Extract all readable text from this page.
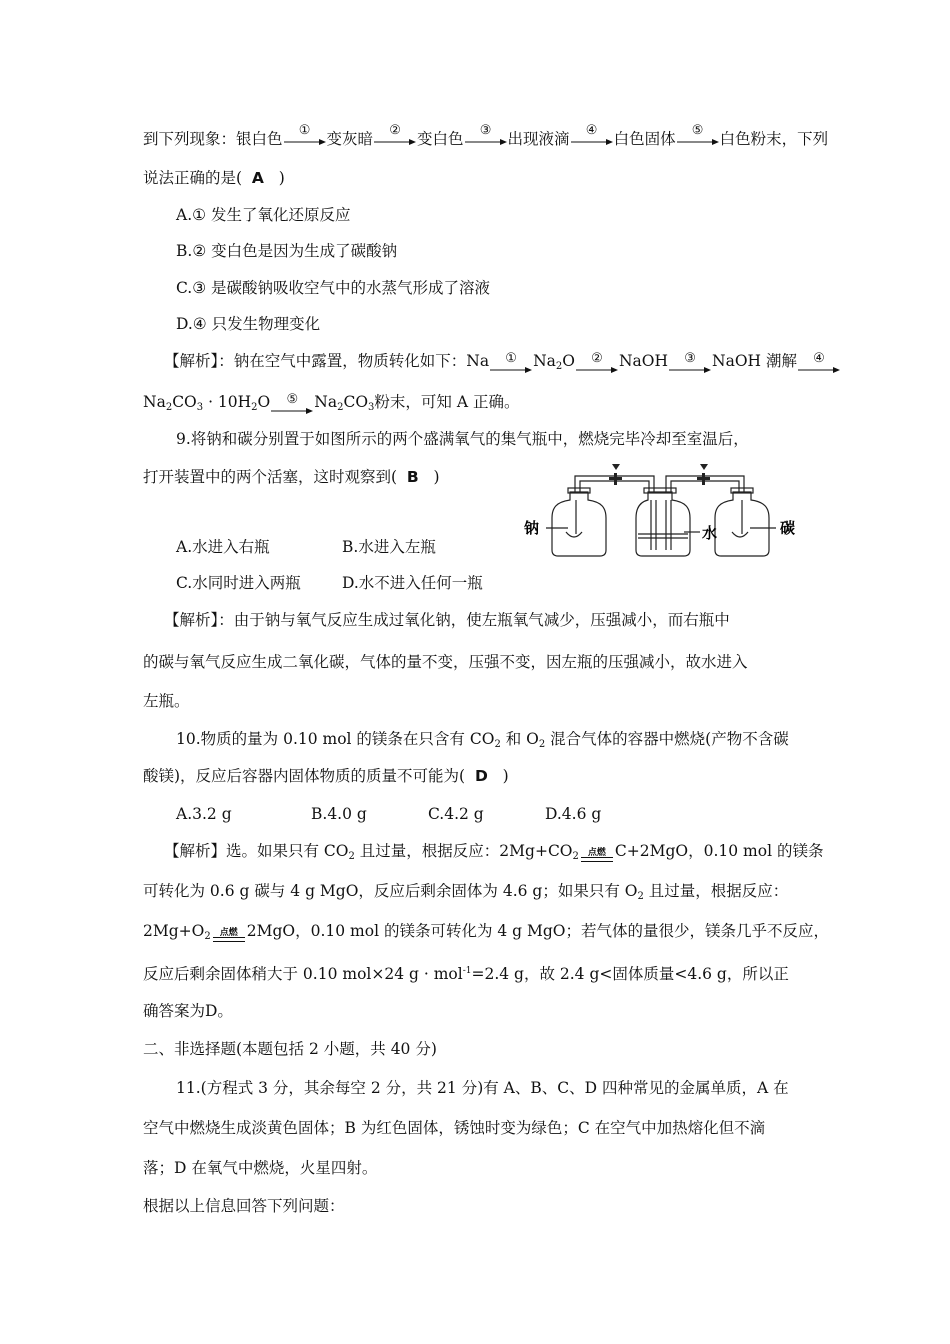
到下列现象：银白色	①	变灰暗	②	变白色	③	出现液滴	④	白色固体	⑤	白色粉末，下列
说法正确的是( A )
A.① 发生了氧化还原反应
B.② 变白色是因为生成了碳酸钠
C.③ 是碳酸钠吸收空气中的水蒸气形成了溶液
D.④ 只发生物理变化
【解析】：钠在空气中露置，物质转化如下：Na	①	$Na_2O$	②	NaOH	③	NaOH 潮解	④
$Na_2CO_3 \cdot 10H_2O$	⑤	$Na_2CO_3$粉末，可知 A 正确。
9.将钠和碳分别置于如图所示的两个盛满氧气的集气瓶中，燃烧完毕冷却至室温后，
打开装置中的两个活塞，这时观察到( B )
钠	水	碳
A.水进入右瓶	B.水进入左瓶
C.水同时进入两瓶	D.水不进入任何一瓶
【解析】：由于钠与氧气反应生成过氧化钠，使左瓶氧气减少，压强减小，而右瓶中
的碳与氧气反应生成二氧化碳，气体的量不变，压强不变，因左瓶的压强减小，故水进入
左瓶。
10.物质的量为 0.10 mol 的镁条在只含有 $CO_2$ 和 $O_2$ 混合气体的容器中燃烧(产物不含碳
酸镁)，反应后容器内固体物质的质量不可能为( D )
A.3.2 g	B.4.0 g	C.4.2 g	D.4.6 g
【解析】选。如果只有 $CO_2$ 且过量，根据反应：$2Mg+CO_2$ 点燃 C+2MgO，0.10 mol 的镁条
可转化为 0.6 g 碳与 4 g MgO，反应后剩余固体为 4.6 g；如果只有 $O_2$ 且过量，根据反应：
$2Mg+O_2$ 点燃 2MgO，0.10 mol 的镁条可转化为 4 g MgO；若气体的量很少，镁条几乎不反应，
反应后剩余固体稍大于 0.10 mol×24 g · mol$^{-1}$=2.4 g，故 2.4 g<固体质量<4.6 g，所以正
确答案为D。
二、非选择题(本题包括 2 小题，共 40 分)
11.(方程式 3 分，其余每空 2 分，共 21 分)有 A、B、C、D 四种常见的金属单质，A 在
空气中燃烧生成淡黄色固体；B 为红色固体，锈蚀时变为绿色；C 在空气中加热熔化但不滴
落；D 在氧气中燃烧，火星四射。
根据以上信息回答下列问题：
